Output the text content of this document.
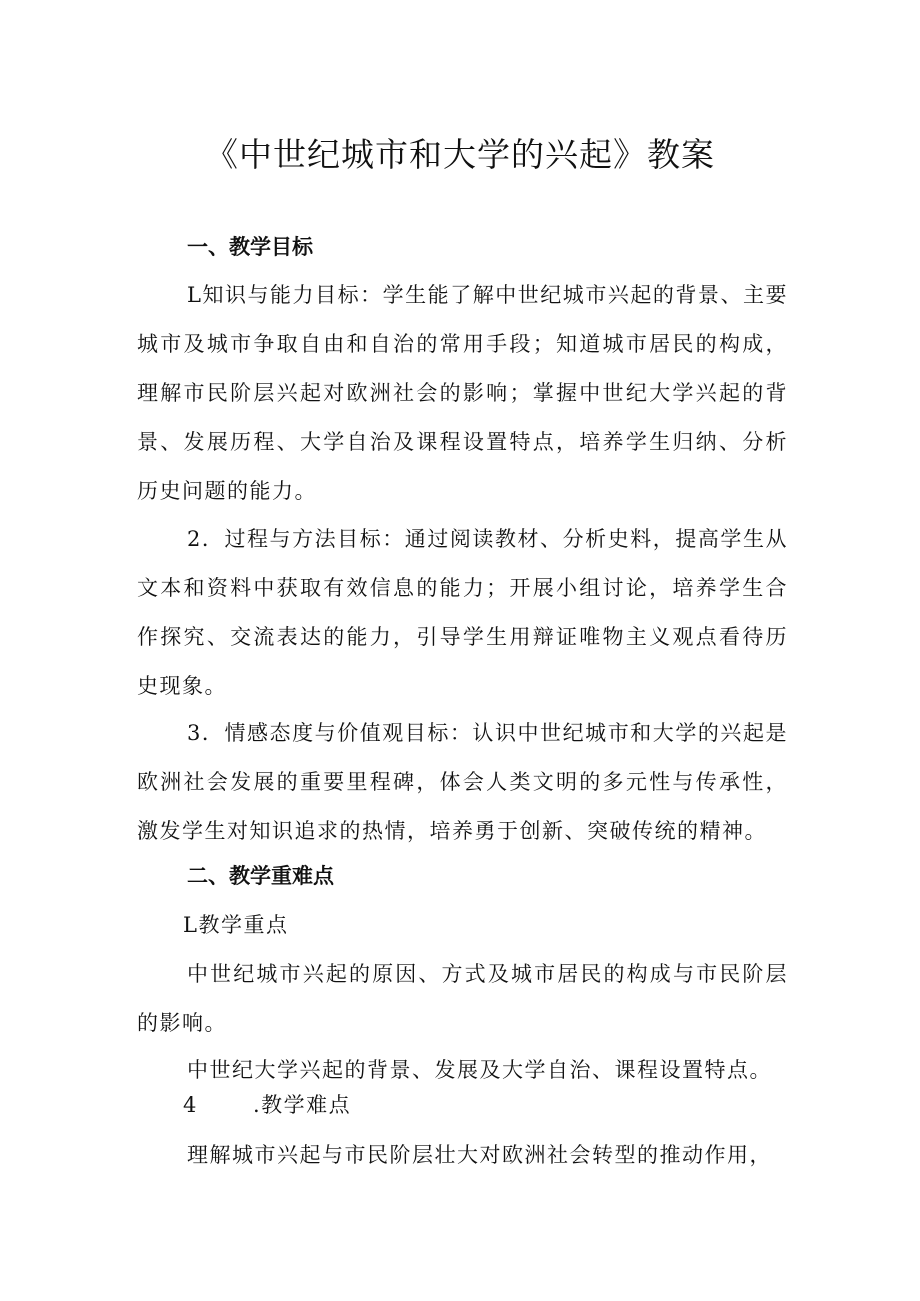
《中世纪城市和大学的兴起》教案
一、教学目标

L知识与能力目标：学生能了解中世纪城市兴起的背景、主要城市及城市争取自由和自治的常用手段；知道城市居民的构成，理解市民阶层兴起对欧洲社会的影响；掌握中世纪大学兴起的背景、发展历程、大学自治及课程设置特点，培养学生归纳、分析历史问题的能力。

2．过程与方法目标：通过阅读教材、分析史料，提高学生从文本和资料中获取有效信息的能力；开展小组讨论，培养学生合作探究、交流表达的能力，引导学生用辩证唯物主义观点看待历史现象。

3．情感态度与价值观目标：认识中世纪城市和大学的兴起是欧洲社会发展的重要里程碑，体会人类文明的多元性与传承性，激发学生对知识追求的热情，培养勇于创新、突破传统的精神。

二、教学重难点
L教学重点

中世纪城市兴起的原因、方式及城市居民的构成与市民阶层的影响。

中世纪大学兴起的背景、发展及大学自治、课程设置特点。

4	.教学难点

理解城市兴起与市民阶层壮大对欧洲社会转型的推动作用，
